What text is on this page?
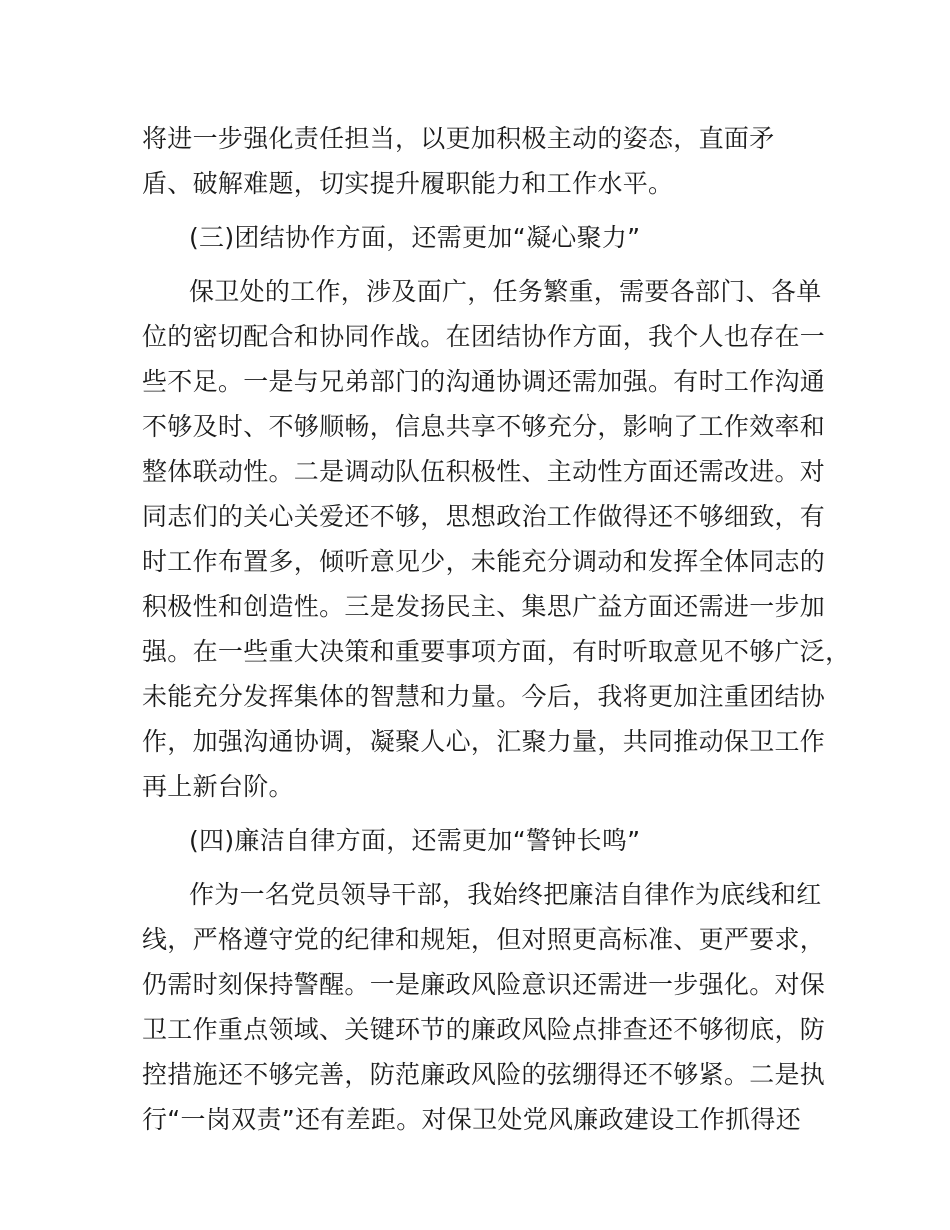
将进一步强化责任担当，以更加积极主动的姿态，直面矛
盾、破解难题，切实提升履职能力和工作水平。
(三)团结协作方面，还需更加“凝心聚力”
保卫处的工作，涉及面广，任务繁重，需要各部门、各单
位的密切配合和协同作战。在团结协作方面，我个人也存在一
些不足。一是与兄弟部门的沟通协调还需加强。有时工作沟通
不够及时、不够顺畅，信息共享不够充分，影响了工作效率和
整体联动性。二是调动队伍积极性、主动性方面还需改进。对
同志们的关心关爱还不够，思想政治工作做得还不够细致，有
时工作布置多，倾听意见少，未能充分调动和发挥全体同志的
积极性和创造性。三是发扬民主、集思广益方面还需进一步加
强。在一些重大决策和重要事项方面，有时听取意见不够广泛，
未能充分发挥集体的智慧和力量。今后，我将更加注重团结协
作，加强沟通协调，凝聚人心，汇聚力量，共同推动保卫工作
再上新台阶。
(四)廉洁自律方面，还需更加“警钟长鸣”
作为一名党员领导干部，我始终把廉洁自律作为底线和红
线，严格遵守党的纪律和规矩，但对照更高标准、更严要求，
仍需时刻保持警醒。一是廉政风险意识还需进一步强化。对保
卫工作重点领域、关键环节的廉政风险点排查还不够彻底，防
控措施还不够完善，防范廉政风险的弦绷得还不够紧。二是执
行“一岗双责”还有差距。对保卫处党风廉政建设工作抓得还
